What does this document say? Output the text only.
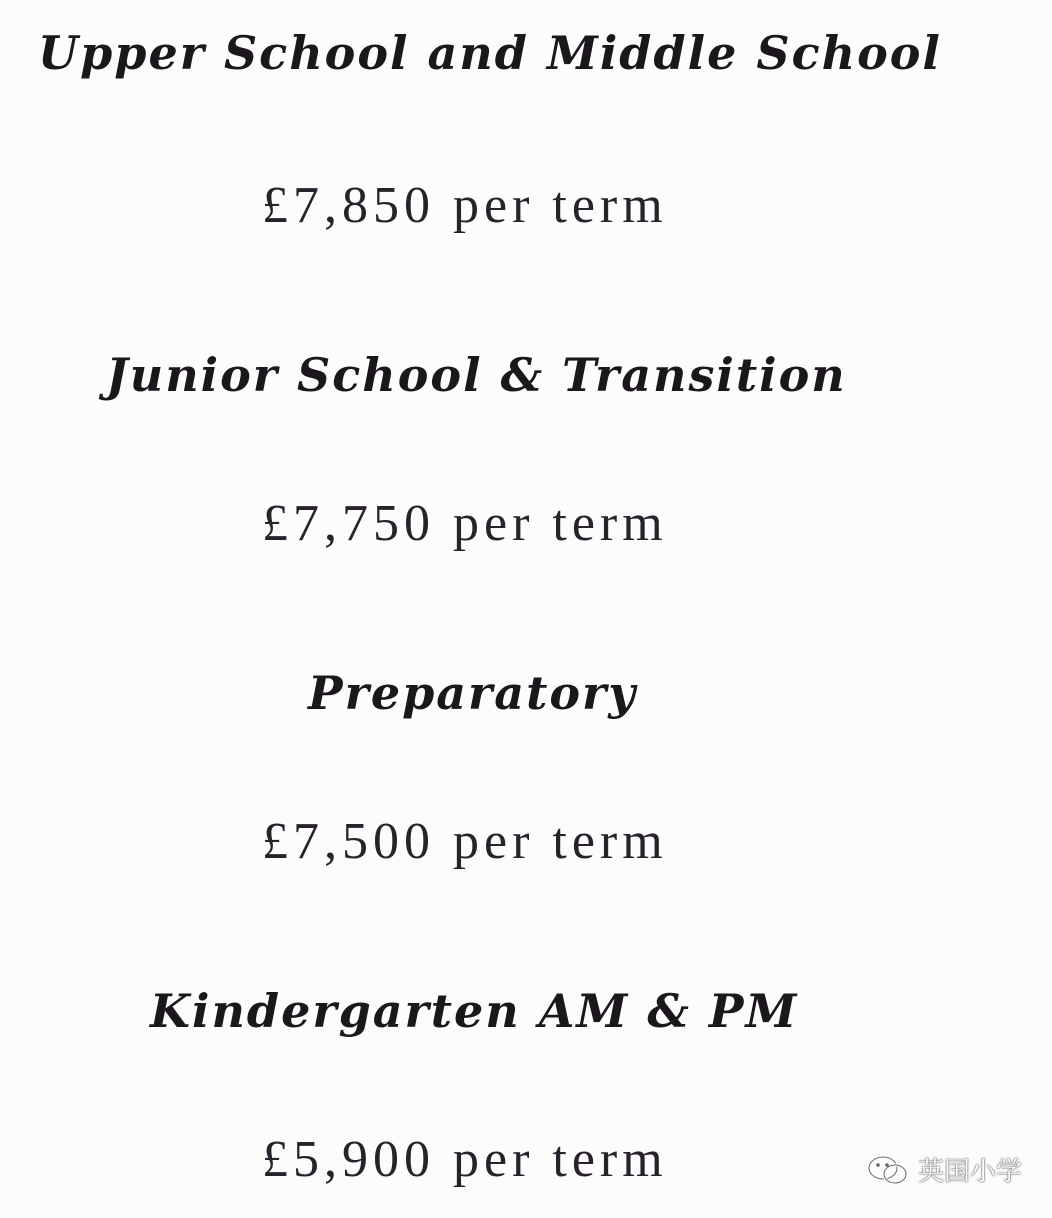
Upper School and Middle School

£7,850 per term

Junior School & Transition

£7,750 per term

Preparatory

£7,500 per term

Kindergarten AM & PM

£5,900 per term	英国小学
